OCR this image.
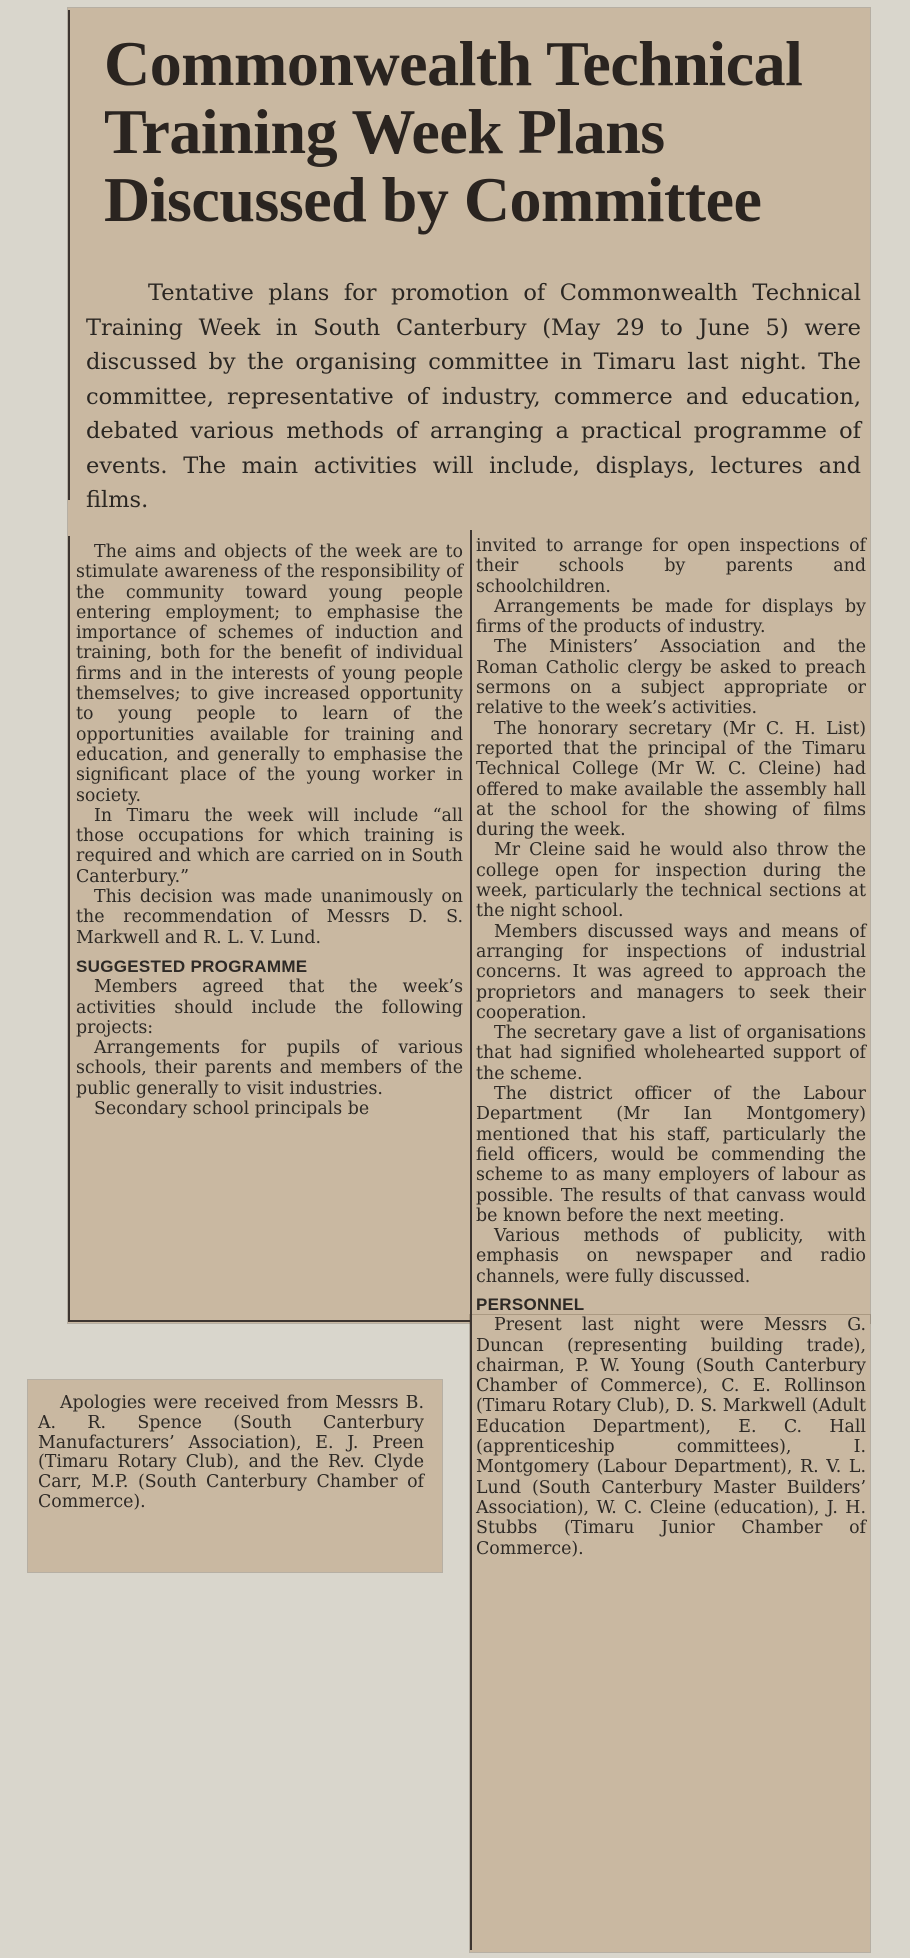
Commonwealth Technical Training Week Plans Discussed by Committee

Tentative plans for promotion of Commonwealth Technical Training Week in South Canterbury (May 29 to June 5) were discussed by the organising committee in Timaru last night. The committee, representative of industry, commerce and education, debated various methods of arranging a practical programme of events. The main activities will include, displays, lectures and films.

The aims and objects of the week are to stimulate awareness of the responsibility of the community toward young people entering employment; to emphasise the importance of schemes of induction and training, both for the benefit of individual firms and in the interests of young people themselves; to give increased opportunity to young people to learn of the opportunities available for training and education, and generally to emphasise the significant place of the young worker in society.

In Timaru the week will include “all those occupations for which training is required and which are carried on in South Canterbury.”

This decision was made unanimously on the recommendation of Messrs D. S. Markwell and R. L. V. Lund.

SUGGESTED PROGRAMME

Members agreed that the week’s activities should include the following projects:

Arrangements for pupils of various schools, their parents and members of the public generally to visit industries.

Secondary school principals be

invited to arrange for open inspections of their schools by parents and schoolchildren.

Arrangements be made for displays by firms of the products of industry.

The Ministers’ Association and the Roman Catholic clergy be asked to preach sermons on a subject appropriate or relative to the week’s activities.

The honorary secretary (Mr C. H. List) reported that the principal of the Timaru Technical College (Mr W. C. Cleine) had offered to make available the assembly hall at the school for the showing of films during the week.

Mr Cleine said he would also throw the college open for inspection during the week, particularly the technical sections at the night school.

Members discussed ways and means of arranging for inspections of industrial concerns. It was agreed to approach the proprietors and managers to seek their cooperation.

The secretary gave a list of organisations that had signified wholehearted support of the scheme.

The district officer of the Labour Department (Mr Ian Montgomery) mentioned that his staff, particularly the field officers, would be commending the scheme to as many employers of labour as possible. The results of that canvass would be known before the next meeting.

Various methods of publicity, with emphasis on newspaper and radio channels, were fully discussed.

PERSONNEL

Present last night were Messrs G. Duncan (representing building trade), chairman, P. W. Young (South Canterbury Chamber of Commerce), C. E. Rollinson (Timaru Rotary Club), D. S. Markwell (Adult Education Department), E. C. Hall (apprenticeship committees), I. Montgomery (Labour Department), R. V. L. Lund (South Canterbury Master Builders’ Association), W. C. Cleine (education), J. H. Stubbs (Timaru Junior Chamber of Commerce).

Apologies were received from Messrs B. A. R. Spence (South Canterbury Manufacturers’ Association), E. J. Preen (Timaru Rotary Club), and the Rev. Clyde Carr, M.P. (South Canterbury Chamber of Commerce).
